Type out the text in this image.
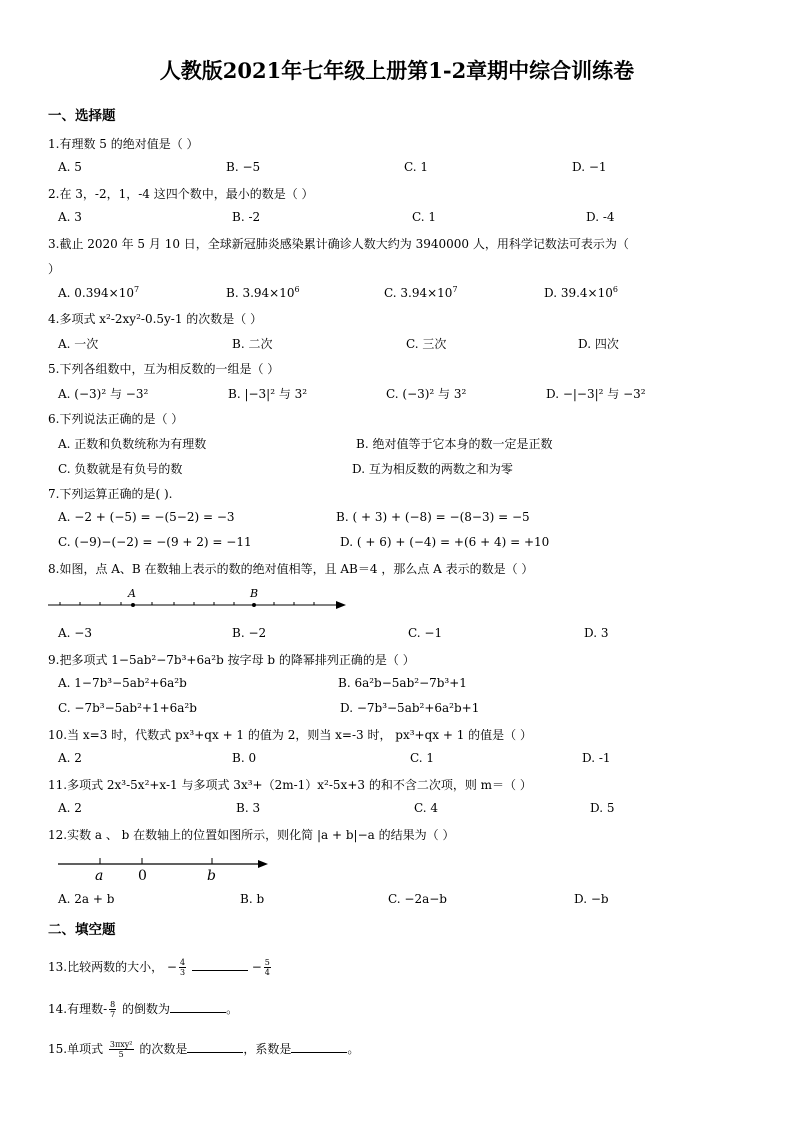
人教版2021年七年级上册第1-2章期中综合训练卷
一、选择题
1.有理数 5 的绝对值是（ ）
A. 5	B. −5	C. 1	D. −1
2.在 3，-2，1，-4 这四个数中，最小的数是（ ）
A. 3	B. -2	C. 1	D. -4
3.截止 2020 年 5 月 10 日，全球新冠肺炎感染累计确诊人数大约为 3940000 人，用科学记数法可表示为（
）
A. $0.394\times 10^7$	B. $3.94\times 10^6$	C. $3.94\times 10^7$	D. $39.4\times 10^6$
4.多项式 x²-2xy²-0.5y-1 的次数是（ ）
A. 一次	B. 二次	C. 三次	D. 四次
5.下列各组数中，互为相反数的一组是（ ）
A. (−3)² 与 −3²	B. |−3|² 与 3²	C. (−3)² 与 3²	D. −|−3|² 与 −3²
6.下列说法正确的是（ ）
A. 正数和负数统称为有理数	B. 绝对值等于它本身的数一定是正数
C. 负数就是有负号的数	D. 互为相反数的两数之和为零
7.下列运算正确的是( ).
A. −2 + (−5) = −(5−2) = −3	B. ( + 3) + (−8) = −(8−3) = −5
C. (−9)−(−2) = −(9 + 2) = −11	D. ( + 6) + (−4) = +(6 + 4) = +10
8.如图，点 A、B 在数轴上表示的数的绝对值相等，且 AB＝4 ，那么点 A 表示的数是（ ）
A	B
A. −3	B. −2	C. −1	D. 3
9.把多项式 1−5ab²−7b³+6a²b 按字母 b 的降幂排列正确的是（ ）
A. 1−7b³−5ab²+6a²b	B. 6a²b−5ab²−7b³+1
C. −7b³−5ab²+1+6a²b	D. −7b³−5ab²+6a²b+1
10.当 x=3 时，代数式 px³+qx + 1 的值为 2，则当 x=-3 时， px³+qx + 1 的值是（ ）
A. 2	B. 0	C. 1	D. -1
11.多项式 2x³-5x²+x-1 与多项式 3x³+（2m-1）x²-5x+3 的和不含二次项，则 m＝（ ）
A. 2	B. 3	C. 4	D. 5
12.实数 a 、 b 在数轴上的位置如图所示，则化简 |a + b|−a 的结果为（ ）
a 0	b
A. 2a + b	B. b	C. −2a−b	D. −b
二、填空题
13.比较两数的大小， − $\frac{4}{3}$	− $\frac{5}{4}$
14.有理数- $\frac{8}{7}$ 的倒数为	。
15.单项式 $\frac{\text{3πxy²}}{5}$ 的次数是	，系数是	。
